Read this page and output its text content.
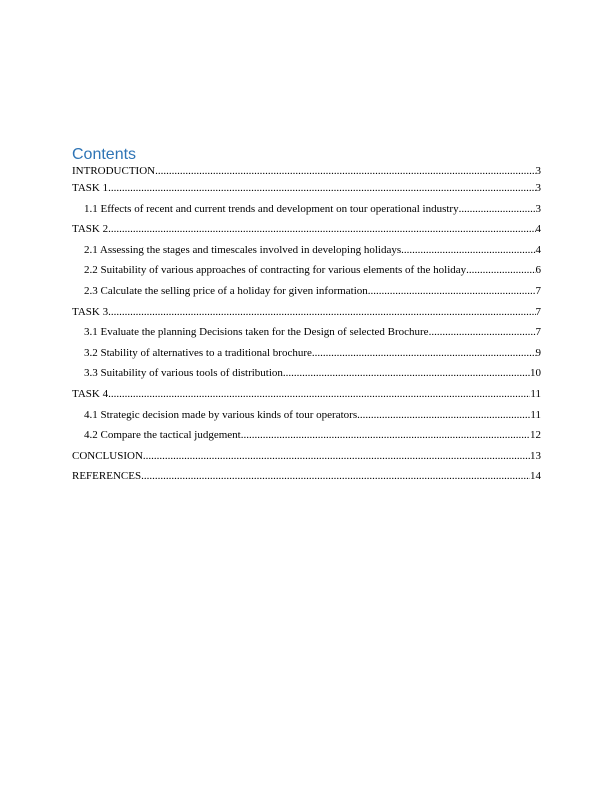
Contents
INTRODUCTION .....	3
TASK 1 .....	3
1.1 Effects of recent and current trends and development on tour operational industry .....	3
TASK 2 .....	4
2.1 Assessing the stages and timescales involved in developing holidays .....	4
2.2 Suitability of various approaches of contracting for various elements of the holiday .....	6
2.3 Calculate the selling price of a holiday for given information .....	7
TASK 3 .....	7
3.1 Evaluate the planning Decisions taken for the Design of selected Brochure .....	7
3.2 Stability of alternatives to a traditional brochure .....	9
3.3 Suitability of various tools of distribution .....	10
TASK 4 .....	11
4.1 Strategic decision made by various kinds of tour operators .....	11
4.2 Compare the tactical judgement .....	12
CONCLUSION .....	13
REFERENCES .....	14
